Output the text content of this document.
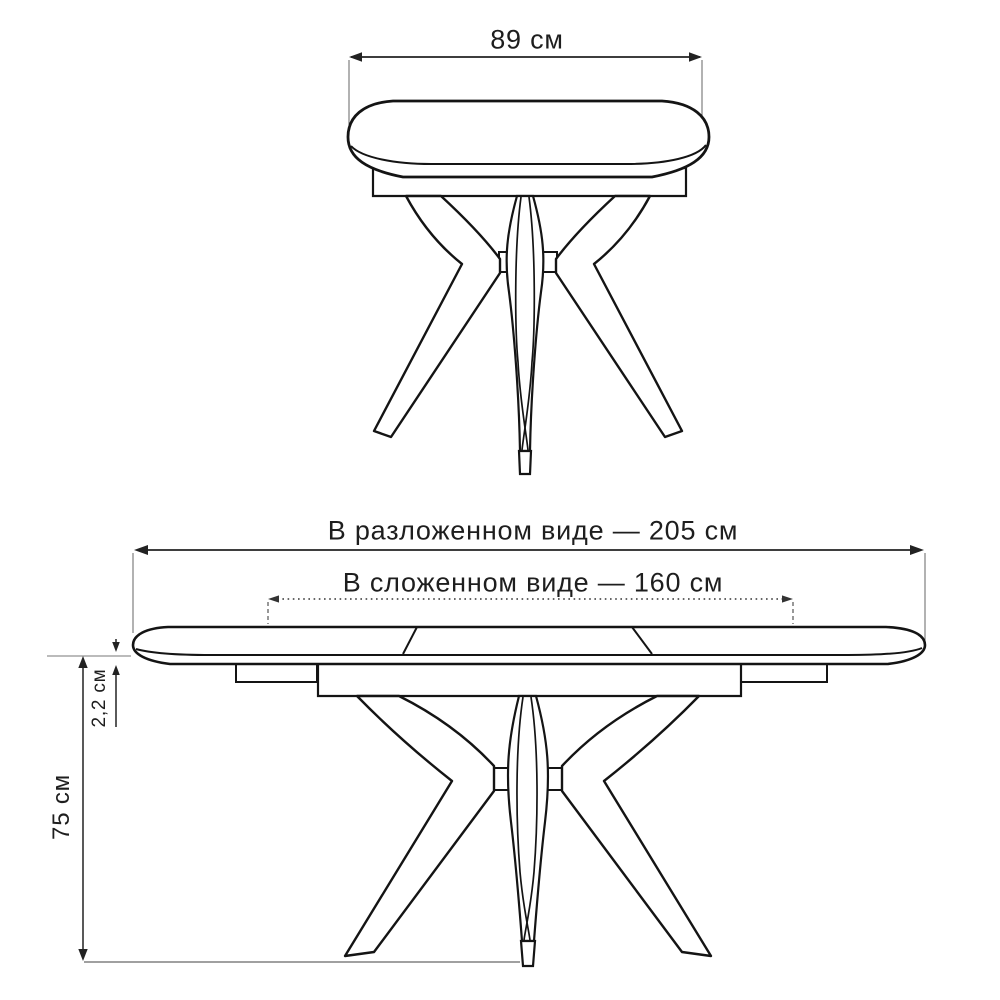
89 см
В разложенном виде — 205 см
В сложенном виде — 160 см
75 см
2,2 см
